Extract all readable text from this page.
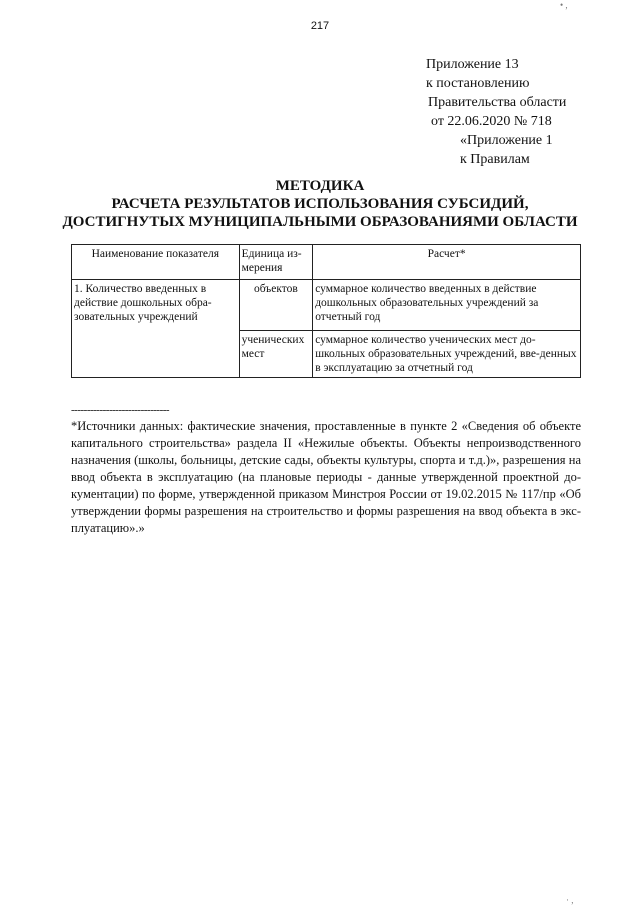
• ,
217
Приложение 13
к постановлению
Правительства области
от 22.06.2020 № 718
«Приложение 1
к Правилам
МЕТОДИКА
РАСЧЕТА РЕЗУЛЬТАТОВ ИСПОЛЬЗОВАНИЯ СУБСИДИЙ,
ДОСТИГНУТЫХ МУНИЦИПАЛЬНЫМИ ОБРАЗОВАНИЯМИ ОБЛАСТИ
Наименование показателя	Единица из-мерения	Расчет*
1. Количество введенных в действие дошкольных обра-зовательных учреждений	объектов	суммарное количество введенных в действие дошкольных образовательных учреждений за отчетный год
	ученических мест	суммарное количество ученических мест до-школьных образовательных учреждений, вве-денных в эксплуатацию за отчетный год
-------------------------------
*Источники данных: фактические значения, проставленные в пункте 2 «Сведения об объекте капитального строительства» раздела II «Нежилые объекты. Объекты непроизводственного назначения (школы, больницы, детские сады, объекты культуры, спорта и т.д.)», разрешения на ввод объекта в эксплуатацию (на плановые периоды - данные утвержденной проектной до-кументации) по форме, утвержденной приказом Минстроя России от 19.02.2015 № 117/пр «Об утверждении формы разрешения на строительство и формы разрешения на ввод объекта в экс-плуатацию».»
· ,
